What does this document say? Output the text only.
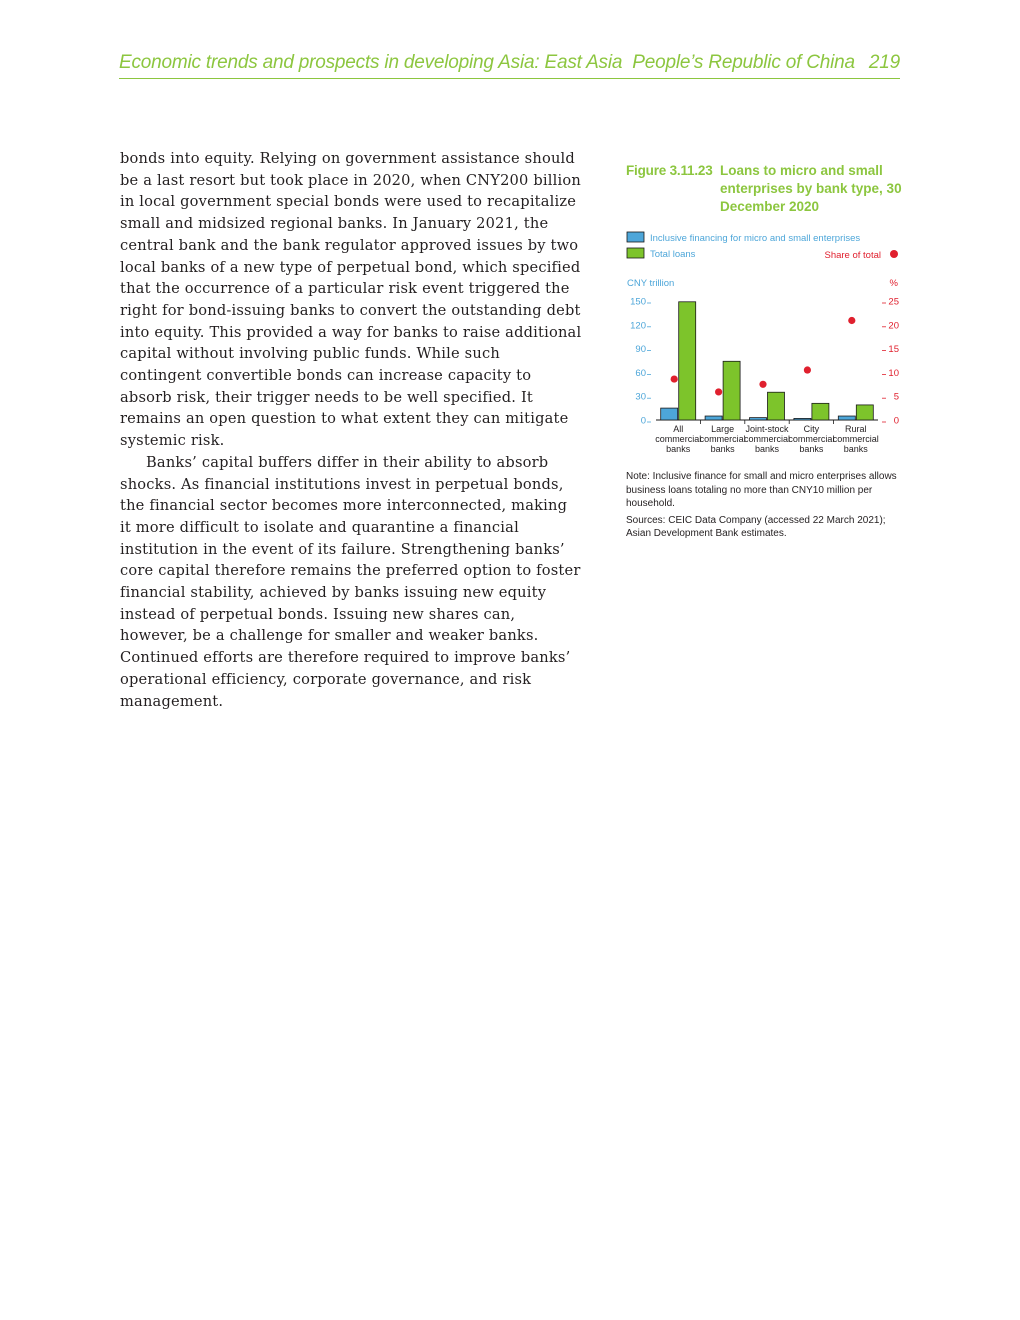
Economic trends and prospects in developing Asia: East Asia People’s Republic of China 219

bonds into equity. Relying on government assistance should be a last resort but took place in 2020, when CNY200 billion in local government special bonds were used to recapitalize small and midsized regional banks. In January 2021, the central bank and the bank regulator approved issues by two local banks of a new type of perpetual bond, which specified that the occurrence of a particular risk event triggered the right for bond-issuing banks to convert the outstanding debt into equity. This provided a way for banks to raise additional capital without involving public funds. While such contingent convertible bonds can increase capacity to absorb risk, their trigger needs to be well specified. It remains an open question to what extent they can mitigate systemic risk.

Banks’ capital buffers differ in their ability to absorb shocks. As financial institutions invest in perpetual bonds, the financial sector becomes more interconnected, making it more difficult to isolate and quarantine a financial institution in the event of its failure. Strengthening banks’ core capital therefore remains the preferred option to foster financial stability, achieved by banks issuing new equity instead of perpetual bonds. Issuing new shares can, however, be a challenge for smaller and weaker banks. Continued efforts are therefore required to improve banks’ operational efficiency, corporate governance, and risk management.

Figure 3.11.23 Loans to micro and small enterprises by bank type, 30 December 2020
Inclusive financing for micro and small enterprises
Total loans	Share of total
CNY trillion	%
0
30
60
90
120
150
0
5
10
15
20
25
All
commercial
banks
Large
commercial
banks
Joint-stock
commercial
banks
City
commercial
banks
Rural
commercial
banks

Note: Inclusive finance for small and micro enterprises allows business loans totaling no more than CNY10 million per household.

Sources: CEIC Data Company (accessed 22 March 2021); Asian Development Bank estimates.
